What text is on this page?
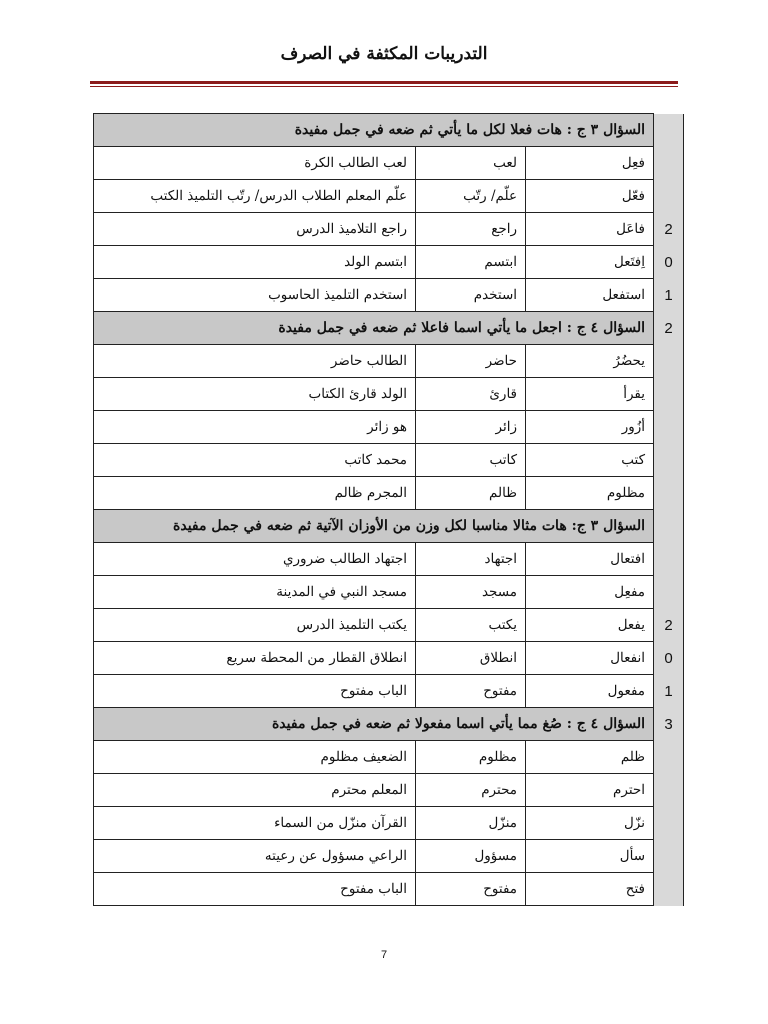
التدريبات المكثفة في الصرف
	السؤال ٣ ج : هات فعلا لكل ما يأتي ثم ضعه في جمل مفيدة		
	فعِل	لعب	لعب الطالب الكرة
	فعّل	علّم/ رتّب	علّم المعلم الطلاب الدرس/ رتّب التلميذ الكتب
2	فاعَل	راجع	راجع التلاميذ الدرس
0	اِفتَعل	ابتسم	ابتسم الولد
1	استفعل	استخدم	استخدم التلميذ الحاسوب
2	السؤال ٤ ج : اجعل ما يأتي اسما فاعلا ثم ضعه في جمل مفيدة		
	يحضُرُ	حاضر	الطالب حاضر
	يقرأ	قارئ	الولد قارئ الكتاب
	أزُور	زائر	هو زائر
	كتب	كاتب	محمد كاتب
	مظلوم	ظالم	المجرم ظالم
	السؤال ٣ ج: هات مثالا مناسبا لكل وزن من الأوزان الآتية ثم ضعه في جمل مفيدة		
	افتعال	اجتهاد	اجتهاد الطالب ضروري
	مفعِل	مسجد	مسجد النبي في المدينة
2	يفعل	يكتب	يكتب التلميذ الدرس
0	انفعال	انطلاق	انطلاق القطار من المحطة سريع
1	مفعول	مفتوح	الباب مفتوح
3	السؤال ٤ ج : صُغ مما يأتي اسما مفعولا ثم ضعه في جمل مفيدة		
	ظلم	مظلوم	الضعيف مظلوم
	احترم	محترم	المعلم محترم
	نزّل	منزّل	القرآن منزّل من السماء
	سأل	مسؤول	الراعي مسؤول عن رعيته
	فتح	مفتوح	الباب مفتوح
7
